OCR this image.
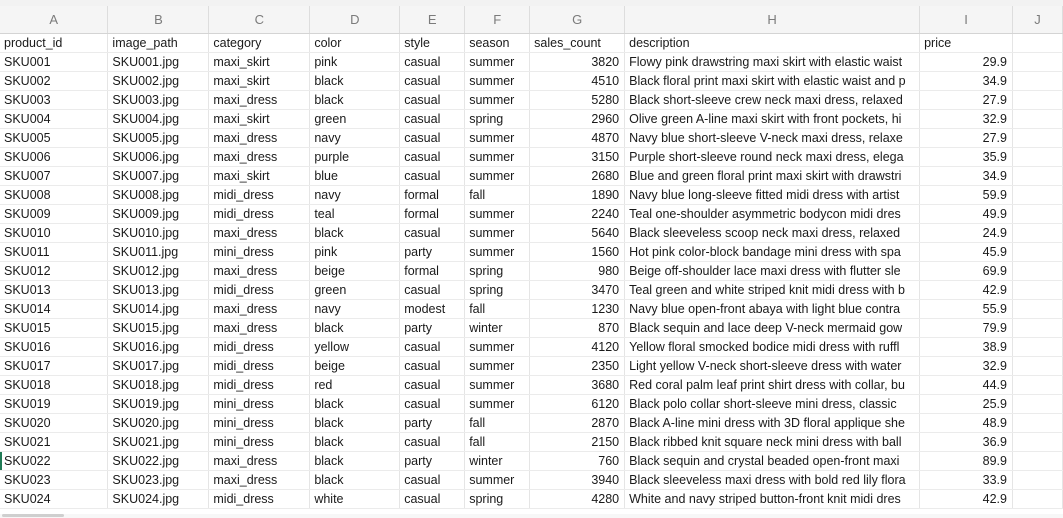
A	B	C	D	E	F	G	H	I	J
product_id	image_path	category	color	style	season	sales_count	description	price	
SKU001	SKU001.jpg	maxi_skirt	pink	casual	summer	3820	Flowy pink drawstring maxi skirt with elastic waist	29.9	
SKU002	SKU002.jpg	maxi_skirt	black	casual	summer	4510	Black floral print maxi skirt with elastic waist and p	34.9	
SKU003	SKU003.jpg	maxi_dress	black	casual	summer	5280	Black short-sleeve crew neck maxi dress, relaxed	27.9	
SKU004	SKU004.jpg	maxi_skirt	green	casual	spring	2960	Olive green A-line maxi skirt with front pockets, hi	32.9	
SKU005	SKU005.jpg	maxi_dress	navy	casual	summer	4870	Navy blue short-sleeve V-neck maxi dress, relaxe	27.9	
SKU006	SKU006.jpg	maxi_dress	purple	casual	summer	3150	Purple short-sleeve round neck maxi dress, elega	35.9	
SKU007	SKU007.jpg	maxi_skirt	blue	casual	summer	2680	Blue and green floral print maxi skirt with drawstri	34.9	
SKU008	SKU008.jpg	midi_dress	navy	formal	fall	1890	Navy blue long-sleeve fitted midi dress with artist	59.9	
SKU009	SKU009.jpg	midi_dress	teal	formal	summer	2240	Teal one-shoulder asymmetric bodycon midi dres	49.9	
SKU010	SKU010.jpg	maxi_dress	black	casual	summer	5640	Black sleeveless scoop neck maxi dress, relaxed	24.9	
SKU011	SKU011.jpg	mini_dress	pink	party	summer	1560	Hot pink color-block bandage mini dress with spa	45.9	
SKU012	SKU012.jpg	maxi_dress	beige	formal	spring	980	Beige off-shoulder lace maxi dress with flutter sle	69.9	
SKU013	SKU013.jpg	midi_dress	green	casual	spring	3470	Teal green and white striped knit midi dress with b	42.9	
SKU014	SKU014.jpg	maxi_dress	navy	modest	fall	1230	Navy blue open-front abaya with light blue contra	55.9	
SKU015	SKU015.jpg	maxi_dress	black	party	winter	870	Black sequin and lace deep V-neck mermaid gow	79.9	
SKU016	SKU016.jpg	midi_dress	yellow	casual	summer	4120	Yellow floral smocked bodice midi dress with ruffl	38.9	
SKU017	SKU017.jpg	midi_dress	beige	casual	summer	2350	Light yellow V-neck short-sleeve dress with water	32.9	
SKU018	SKU018.jpg	midi_dress	red	casual	summer	3680	Red coral palm leaf print shirt dress with collar, bu	44.9	
SKU019	SKU019.jpg	mini_dress	black	casual	summer	6120	Black polo collar short-sleeve mini dress, classic	25.9	
SKU020	SKU020.jpg	mini_dress	black	party	fall	2870	Black A-line mini dress with 3D floral applique she	48.9	
SKU021	SKU021.jpg	mini_dress	black	casual	fall	2150	Black ribbed knit square neck mini dress with ball	36.9	
SKU022	SKU022.jpg	maxi_dress	black	party	winter	760	Black sequin and crystal beaded open-front maxi	89.9	
SKU023	SKU023.jpg	maxi_dress	black	casual	summer	3940	Black sleeveless maxi dress with bold red lily flora	33.9	
SKU024	SKU024.jpg	midi_dress	white	casual	spring	4280	White and navy striped button-front knit midi dres	42.9	
